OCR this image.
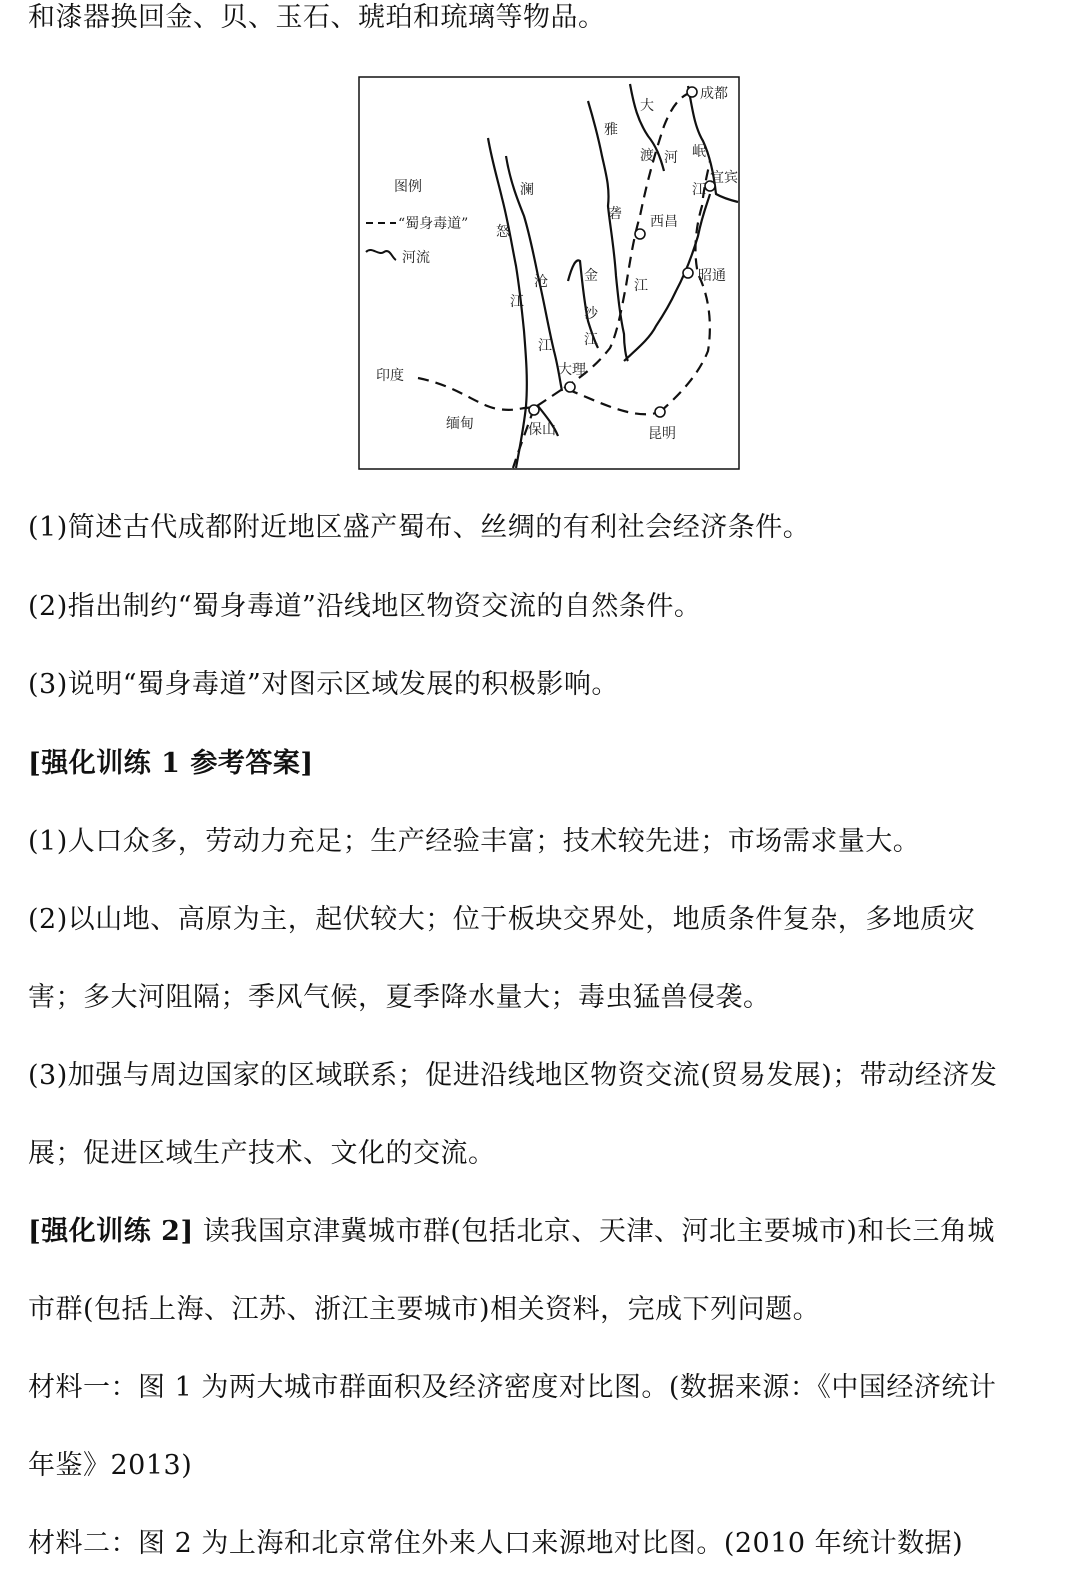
和漆器换回金、贝、玉石、琥珀和琉璃等物品。
图例
“蜀身毒道”
河流
成都
宜宾
西昌
昭通
大理
保山	昆明
印度
缅甸
大
渡 河 岷
江
雅
砻
江
澜
沧
江
怒
江
金
沙
江
(1)简述古代成都附近地区盛产蜀布、丝绸的有利社会经济条件。
(2)指出制约“蜀身毒道”沿线地区物资交流的自然条件。
(3)说明“蜀身毒道”对图示区域发展的积极影响。
[强化训练 1 参考答案]
(1)人口众多，劳动力充足；生产经验丰富；技术较先进；市场需求量大。
(2)以山地、高原为主，起伏较大；位于板块交界处，地质条件复杂，多地质灾
害；多大河阻隔；季风气候，夏季降水量大；毒虫猛兽侵袭。
(3)加强与周边国家的区域联系；促进沿线地区物资交流(贸易发展)；带动经济发
展；促进区域生产技术、文化的交流。
[强化训练 2] 读我国京津冀城市群(包括北京、天津、河北主要城市)和长三角城
市群(包括上海、江苏、浙江主要城市)相关资料，完成下列问题。
材料一：图 1 为两大城市群面积及经济密度对比图。(数据来源：《中国经济统计
年鉴》2013)
材料二：图 2 为上海和北京常住外来人口来源地对比图。(2010 年统计数据)
